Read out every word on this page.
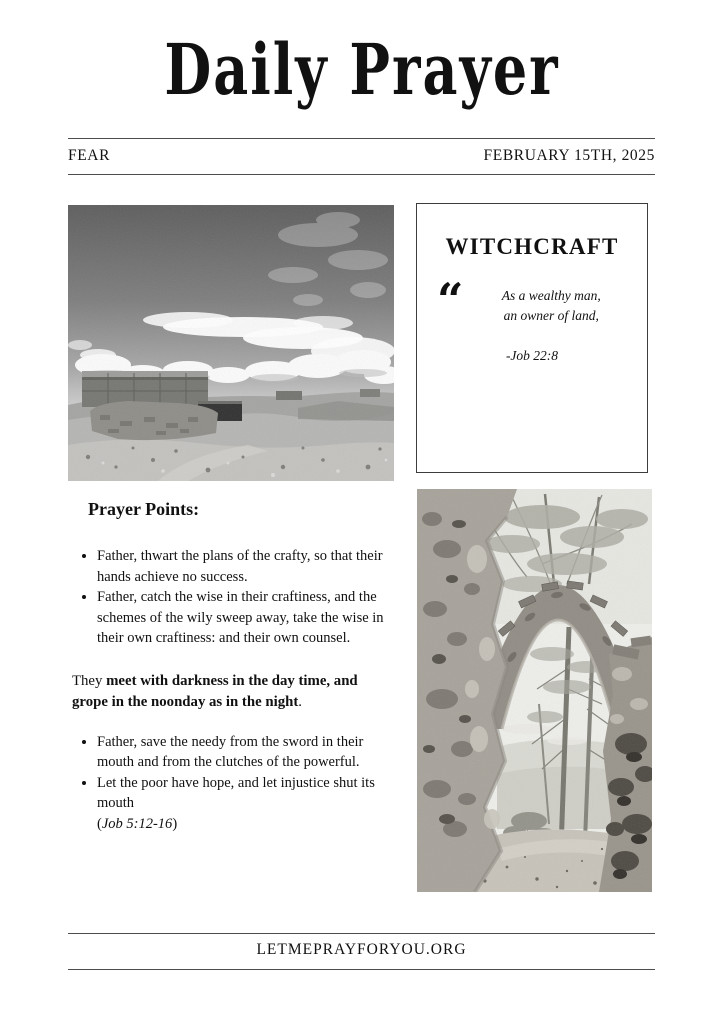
Daily Prayer
FEAR	FEBRUARY 15TH, 2025
WITCHCRAFT
“	As a wealthy man,

an owner of land,

-Job 22:8

Prayer Points:
• Father, thwart the plans of the crafty, so that their hands achieve no success.
• Father, catch the wise in their craftiness, and the schemes of the wily sweep away, take the wise in their own craftiness: and their own counsel.

They meet with darkness in the day time, and grope in the noonday as in the night.

• Father, save the needy from the sword in their mouth and from the clutches of the powerful.
• Let the poor have hope, and let injustice shut its mouth
(Job 5:12-16)
LETMEPRAYFORYOU.ORG
